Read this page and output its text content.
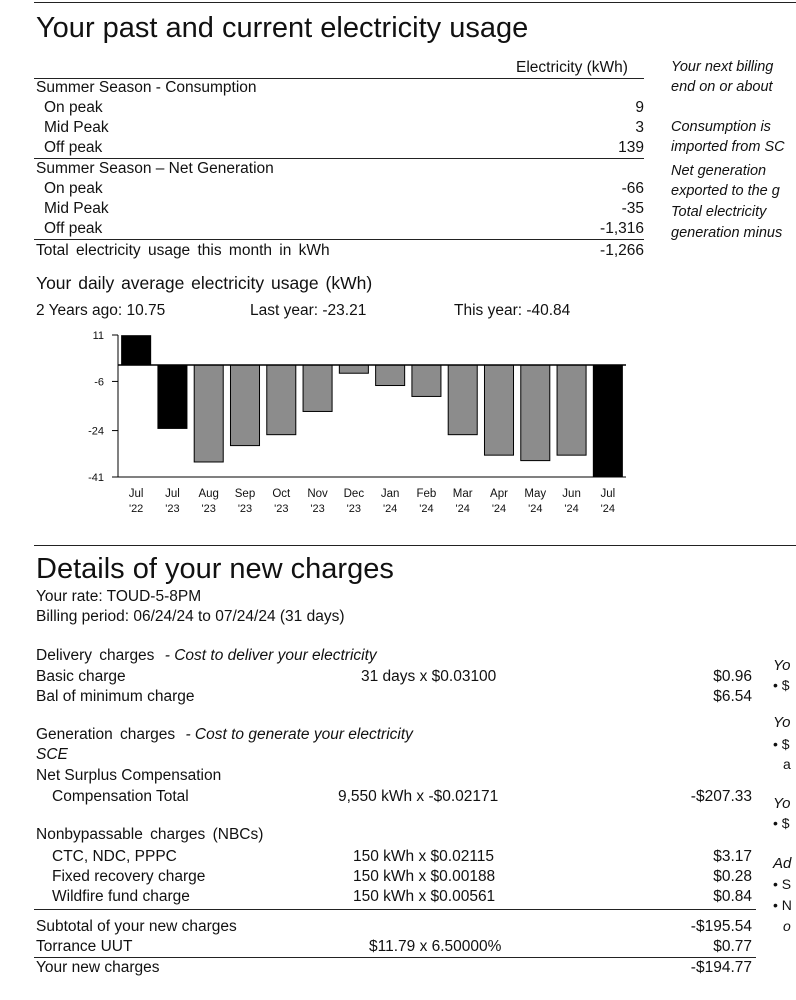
Your past and current electricity usage
Electricity (kWh)
Summer Season - Consumption
On peak	9
Mid Peak	3
Off peak	139
Summer Season – Net Generation
On peak	-66
Mid Peak	-35
Off peak	-1,316
Total electricity usage this month in kWh	-1,266
Your next billing
end on or about
Consumption is
imported from SC
Net generation
exported to the g
Total electricity
generation minus
Your daily average electricity usage (kWh)
2 Years ago: 10.75	Last year: -23.21	This year: -40.84
11
-6
-24
-41
Jul
'22
Jul
'23
Aug
'23
Sep
'23
Oct
'23
Nov
'23
Dec
'23
Jan
'24
Feb
'24
Mar
'24
Apr
'24
May
'24
Jun
'24
Jul
'24
Details of your new charges
Your rate: TOUD-5-8PM
Billing period: 06/24/24 to 07/24/24 (31 days)
Delivery charges - Cost to deliver your electricity
Basic charge	31 days x $0.03100	$0.96
Bal of minimum charge	$6.54
Generation charges - Cost to generate your electricity
SCE
Net Surplus Compensation
Compensation Total	9,550 kWh x -$0.02171	-$207.33
Nonbypassable charges (NBCs)
CTC, NDC, PPPC	150 kWh x $0.02115	$3.17
Fixed recovery charge	150 kWh x $0.00188	$0.28
Wildfire fund charge	150 kWh x $0.00561	$0.84
Subtotal of your new charges	-$195.54
Torrance UUT	$11.79 x 6.50000%	$0.77
Your new charges	-$194.77
Yo
• $
Yo
• $
a
Yo
• $
Ad
• S
• N
o
